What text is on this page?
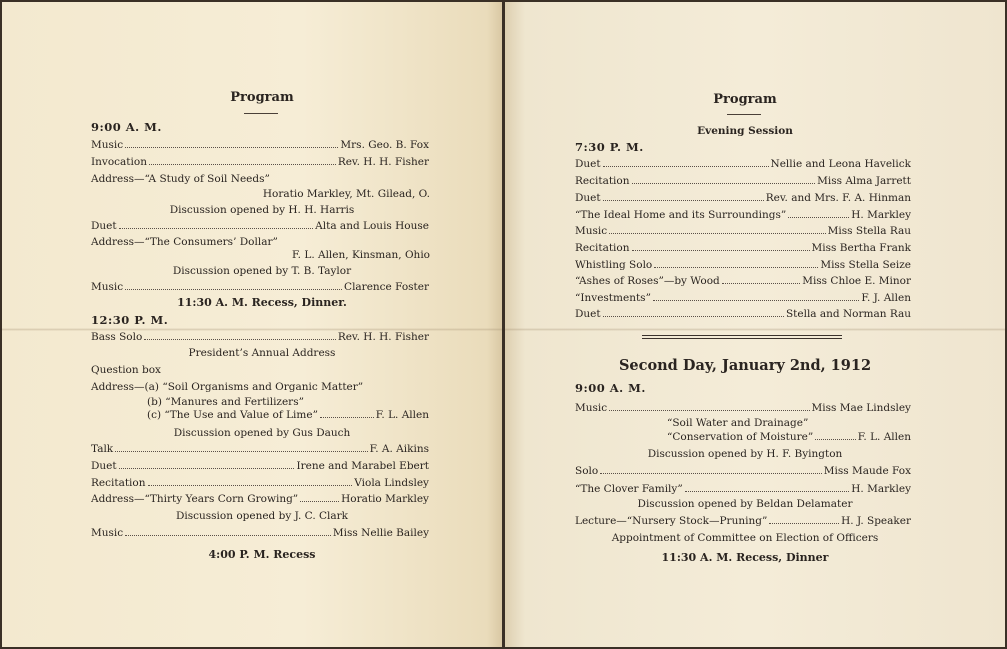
Program
9:00 A. M.
Music	Mrs. Geo. B. Fox
Invocation	Rev. H. H. Fisher
Address—“A Study of Soil Needs”
Horatio Markley, Mt. Gilead, O.
Discussion opened by H. H. Harris
Duet	Alta and Louis House
Address—“The Consumers’ Dollar”
F. L. Allen, Kinsman, Ohio
Discussion opened by T. B. Taylor
Music	Clarence Foster
11:30 A. M. Recess, Dinner.
12:30 P. M.
Bass Solo	Rev. H. H. Fisher
President’s Annual Address
Question box
Address—(a) “Soil Organisms and Organic Matter”
(b) “Manures and Fertilizers”
(c) “The Use and Value of Lime”	F. L. Allen
Discussion opened by Gus Dauch
Talk	F. A. Aikins
Duet	Irene and Marabel Ebert
Recitation	Viola Lindsley
Address—“Thirty Years Corn Growing”	Horatio Markley
Discussion opened by J. C. Clark
Music	Miss Nellie Bailey
4:00 P. M. Recess
Program
Evening Session
7:30 P. M.
Duet	Nellie and Leona Havelick
Recitation	Miss Alma Jarrett
Duet	Rev. and Mrs. F. A. Hinman
“The Ideal Home and its Surroundings”	H. Markley
Music	Miss Stella Rau
Recitation	Miss Bertha Frank
Whistling Solo	Miss Stella Seize
“Ashes of Roses”—by Wood	Miss Chloe E. Minor
“Investments”	F. J. Allen
Duet	Stella and Norman Rau
Second Day, January 2nd, 1912
9:00 A. M.
Music	Miss Mae Lindsley
“Soil Water and Drainage”
“Conservation of Moisture”	F. L. Allen
Discussion opened by H. F. Byington
Solo	Miss Maude Fox
“The Clover Family”	H. Markley
Discussion opened by Beldan Delamater
Lecture—“Nursery Stock—Pruning”	H. J. Speaker
Appointment of Committee on Election of Officers
11:30 A. M. Recess, Dinner
